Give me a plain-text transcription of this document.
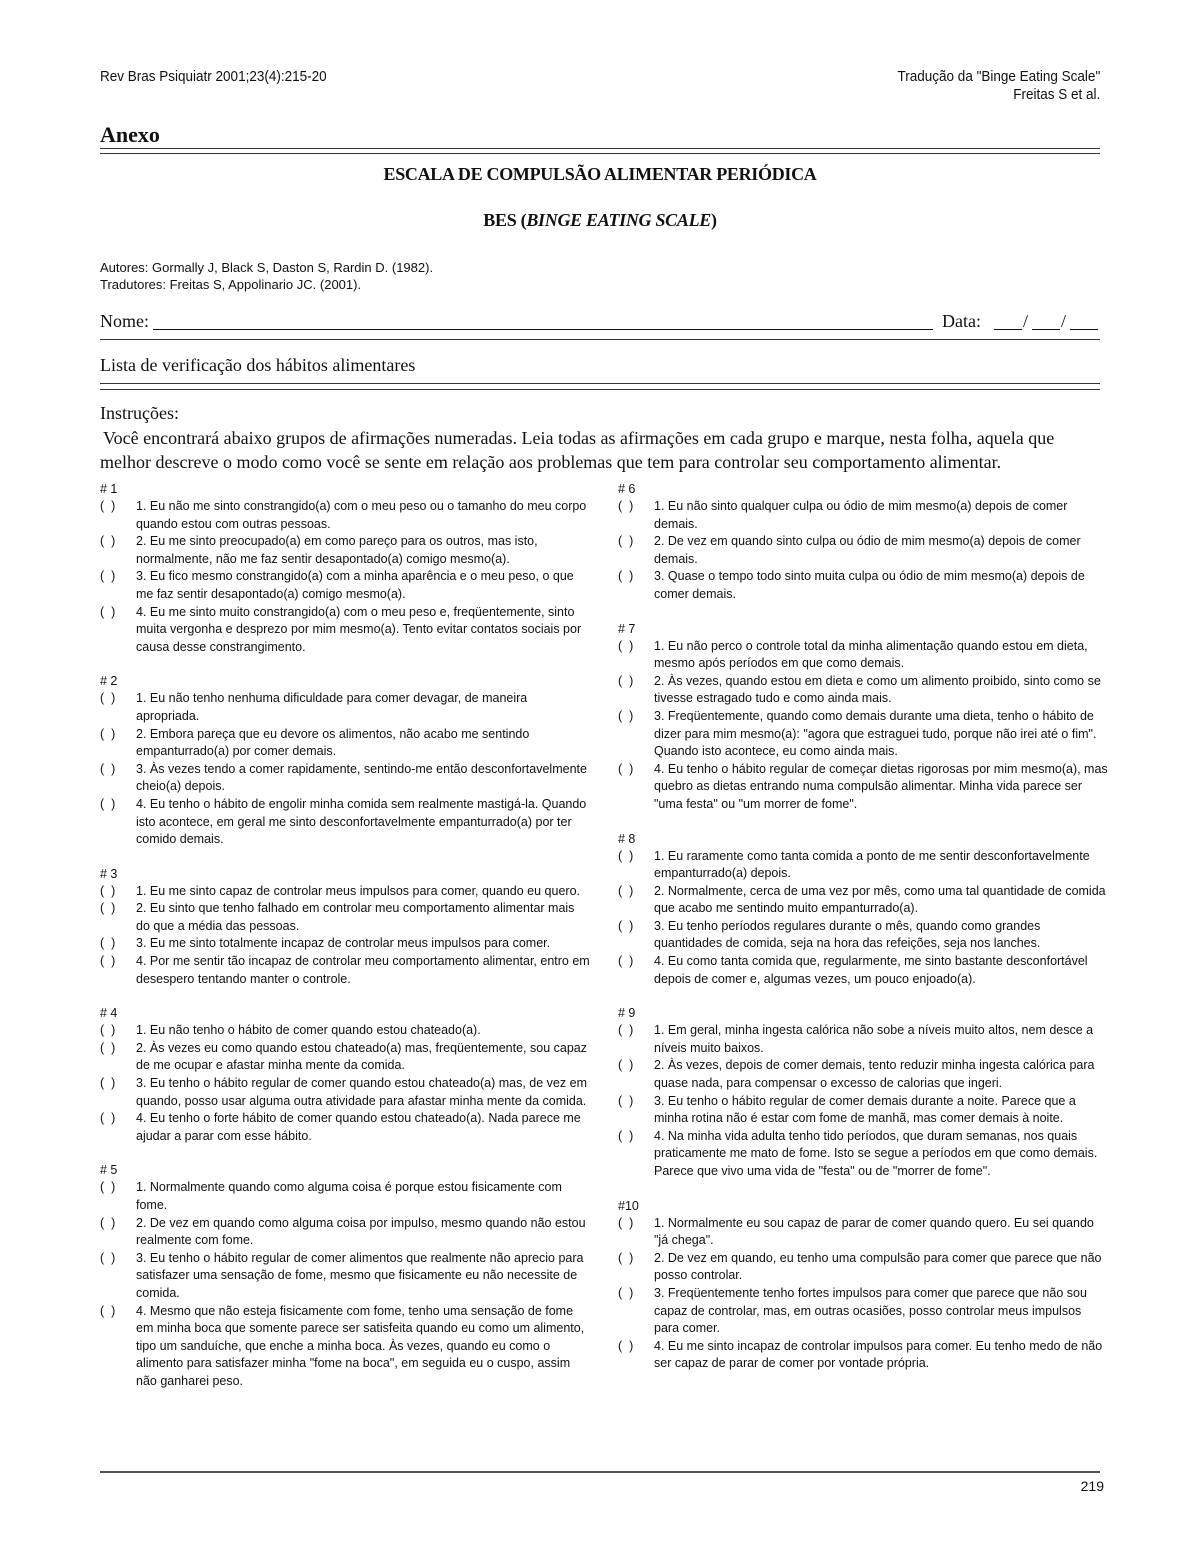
Rev Bras Psiquiatr 2001;23(4):215-20	Tradução da "Binge Eating Scale"
Freitas S et al.
Anexo
ESCALA DE COMPULSÃO ALIMENTAR PERIÓDICA
BES (BINGE EATING SCALE)
Autores: Gormally J, Black S, Daston S, Rardin D. (1982).
Tradutores: Freitas S, Appolinario JC. (2001).
Nome:	Data: / /
Lista de verificação dos hábitos alimentares
Instruções:
Você encontrará abaixo grupos de afirmações numeradas. Leia todas as afirmações em cada grupo e marque, nesta folha, aquela que melhor descreve o modo como você se sente em relação aos problemas que tem para controlar seu comportamento alimentar.
# 1
(  ) 1. Eu não me sinto constrangido(a) com o meu peso ou o tamanho do meu corpo quando estou com outras pessoas.
(  ) 2. Eu me sinto preocupado(a) em como pareço para os outros, mas isto, normalmente, não me faz sentir desapontado(a) comigo mesmo(a).
(  ) 3. Eu fico mesmo constrangido(a) com a minha aparência e o meu peso, o que me faz sentir desapontado(a) comigo mesmo(a).
(  ) 4. Eu me sinto muito constrangido(a) com o meu peso e, freqüentemente, sinto muita vergonha e desprezo por mim mesmo(a). Tento evitar contatos sociais por causa desse constrangimento.
# 2
(  ) 1. Eu não tenho nenhuma dificuldade para comer devagar, de maneira apropriada.
(  ) 2. Embora pareça que eu devore os alimentos, não acabo me sentindo empanturrado(a) por comer demais.
(  ) 3. Às vezes tendo a comer rapidamente, sentindo-me então desconfortavelmente cheio(a) depois.
(  ) 4. Eu tenho o hábito de engolir minha comida sem realmente mastigá-la. Quando isto acontece, em geral me sinto desconfortavelmente empanturrado(a) por ter comido demais.
# 3
(  ) 1. Eu me sinto capaz de controlar meus impulsos para comer, quando eu quero.
(  ) 2. Eu sinto que tenho falhado em controlar meu comportamento alimentar mais do que a média das pessoas.
(  ) 3. Eu me sinto totalmente incapaz de controlar meus impulsos para comer.
(  ) 4. Por me sentir tão incapaz de controlar meu comportamento alimentar, entro em desespero tentando manter o controle.
# 4
(  ) 1. Eu não tenho o hábito de comer quando estou chateado(a).
(  ) 2. Às vezes eu como quando estou chateado(a) mas, freqüentemente, sou capaz de me ocupar e afastar minha mente da comida.
(  ) 3. Eu tenho o hábito regular de comer quando estou chateado(a) mas, de vez em quando, posso usar alguma outra atividade para afastar minha mente da comida.
(  ) 4. Eu tenho o forte hábito de comer quando estou chateado(a). Nada parece me ajudar a parar com esse hábito.
# 5
(  ) 1. Normalmente quando como alguma coisa é porque estou fisicamente com fome.
(  ) 2. De vez em quando como alguma coisa por impulso, mesmo quando não estou realmente com fome.
(  ) 3. Eu tenho o hábito regular de comer alimentos que realmente não aprecio para satisfazer uma sensação de fome, mesmo que fisicamente eu não necessite de comida.
(  ) 4. Mesmo que não esteja fisicamente com fome, tenho uma sensação de fome em minha boca que somente parece ser satisfeita quando eu como um alimento, tipo um sanduíche, que enche a minha boca. Às vezes, quando eu como o alimento para satisfazer minha "fome na boca", em seguida eu o cuspo, assim não ganharei peso.
# 6
(  ) 1. Eu não sinto qualquer culpa ou ódio de mim mesmo(a) depois de comer demais.
(  ) 2. De vez em quando sinto culpa ou ódio de mim mesmo(a) depois de comer demais.
(  ) 3. Quase o tempo todo sinto muita culpa ou ódio de mim mesmo(a) depois de comer demais.
# 7
(  ) 1. Eu não perco o controle total da minha alimentação quando estou em dieta, mesmo após períodos em que como demais.
(  ) 2. Às vezes, quando estou em dieta e como um alimento proibido, sinto como se tivesse estragado tudo e como ainda mais.
(  ) 3. Freqüentemente, quando como demais durante uma dieta, tenho o hábito de dizer para mim mesmo(a): "agora que estraguei tudo, porque não irei até o fim". Quando isto acontece, eu como ainda mais.
(  ) 4. Eu tenho o hábito regular de começar dietas rigorosas por mim mesmo(a), mas quebro as dietas entrando numa compulsão alimentar. Minha vida parece ser "uma festa" ou "um morrer de fome".
# 8
(  ) 1. Eu raramente como tanta comida a ponto de me sentir desconfortavelmente empanturrado(a) depois.
(  ) 2. Normalmente, cerca de uma vez por mês, como uma tal quantidade de comida que acabo me sentindo muito empanturrado(a).
(  ) 3. Eu tenho períodos regulares durante o mês, quando como grandes quantidades de comida, seja na hora das refeições, seja nos lanches.
(  ) 4. Eu como tanta comida que, regularmente, me sinto bastante desconfortável depois de comer e, algumas vezes, um pouco enjoado(a).
# 9
(  ) 1. Em geral, minha ingesta calórica não sobe a níveis muito altos, nem desce a níveis muito baixos.
(  ) 2. Às vezes, depois de comer demais, tento reduzir minha ingesta calórica para quase nada, para compensar o excesso de calorias que ingeri.
(  ) 3. Eu tenho o hábito regular de comer demais durante a noite. Parece que a minha rotina não é estar com fome de manhã, mas comer demais à noite.
(  ) 4. Na minha vida adulta tenho tido períodos, que duram semanas, nos quais praticamente me mato de fome. Isto se segue a períodos em que como demais. Parece que vivo uma vida de "festa" ou de "morrer de fome".
#10
(  ) 1. Normalmente eu sou capaz de parar de comer quando quero. Eu sei quando "já chega".
(  ) 2. De vez em quando, eu tenho uma compulsão para comer que parece que não posso controlar.
(  ) 3. Freqüentemente tenho fortes impulsos para comer que parece que não sou capaz de controlar, mas, em outras ocasiões, posso controlar meus impulsos para comer.
(  ) 4. Eu me sinto incapaz de controlar impulsos para comer. Eu tenho medo de não ser capaz de parar de comer por vontade própria.
219
